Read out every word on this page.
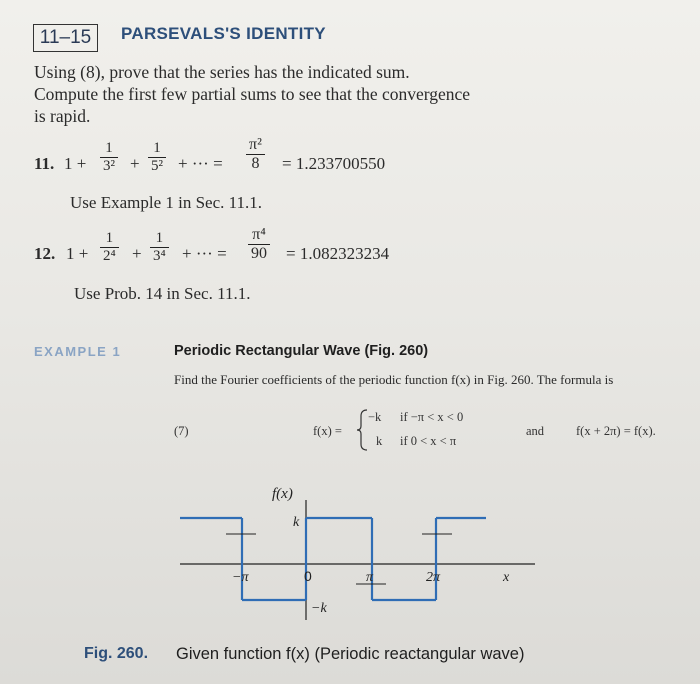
11–15	PARSEVALS'S IDENTITY
Using (8), prove that the series has the indicated sum.
Compute the first few partial sums to see that the convergence
is rapid.
11. $1 + \frac{1}{\text{3²}} + \frac{1}{\text{5²}}$ + ··· = $\frac{\text{π²}}{8} = 1.233700550$
Use Example 1 in Sec. 11.1.
12. $1 + \frac{1}{\text{2⁴}} + \frac{1}{\text{3⁴}}$ + ··· = $\frac{\text{π⁴}}{90} = 1.082323234$
Use Prob. 14 in Sec. 11.1.
EXAMPLE 1	Periodic Rectangular Wave (Fig. 260)
Find the Fourier coefficients of the periodic function f(x) in Fig. 260. The formula is
(7)	f(x) =
−k if −π < x < 0
k if 0 < x < π
and	f(x + 2π) = f(x).
f(x)
k
−k
−π	0	π	2π	x
Fig. 260. Given function f(x) (Periodic reactangular wave)
